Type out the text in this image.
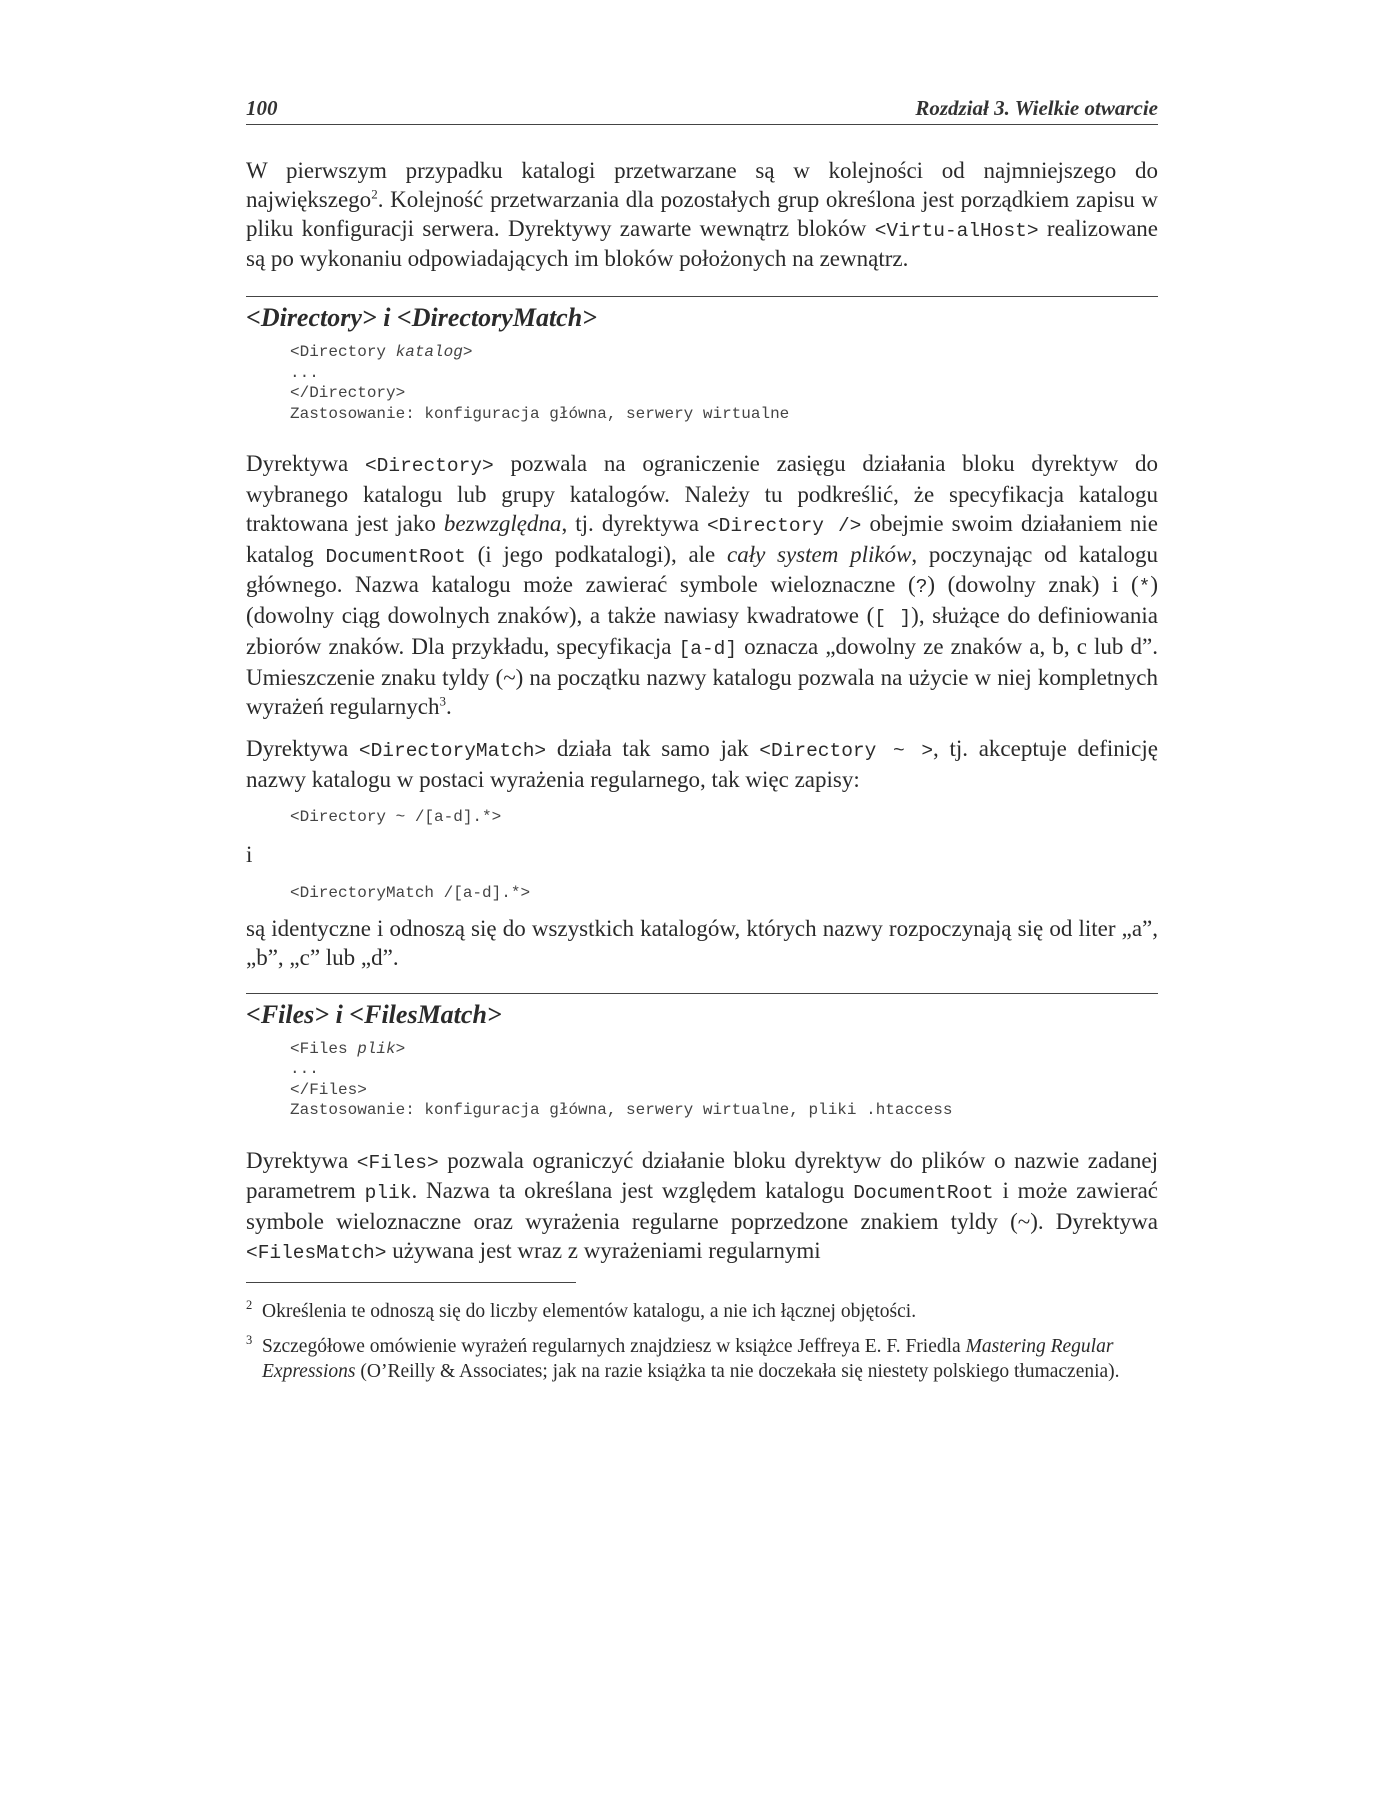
100	Rozdział 3. Wielkie otwarcie

W pierwszym przypadku katalogi przetwarzane są w kolejności od najmniejszego do największego$^2$. Kolejność przetwarzania dla pozostałych grup określona jest porządkiem zapisu w pliku konfiguracji serwera. Dyrektywy zawarte wewnątrz bloków <Virtu-alHost> realizowane są po wykonaniu odpowiadających im bloków położonych na zewnątrz.

<Directory> i <DirectoryMatch>
<Directory katalog>
...
</Directory>
Zastosowanie: konfiguracja główna, serwery wirtualne

Dyrektywa <Directory> pozwala na ograniczenie zasięgu działania bloku dyrektyw do wybranego katalogu lub grupy katalogów. Należy tu podkreślić, że specyfikacja katalogu traktowana jest jako bezwzględna, tj. dyrektywa <Directory /> obejmie swoim działaniem nie katalog DocumentRoot (i jego podkatalogi), ale cały system plików, poczynając od katalogu głównego. Nazwa katalogu może zawierać symbole wieloznaczne (?) (dowolny znak) i (*) (dowolny ciąg dowolnych znaków), a także nawiasy kwadratowe ([ ]), służące do definiowania zbiorów znaków. Dla przykładu, specyfikacja [a-d] oznacza „dowolny ze znaków a, b, c lub d”. Umieszczenie znaku tyldy (~) na początku nazwy katalogu pozwala na użycie w niej kompletnych wyrażeń regularnych$^3$.

Dyrektywa <DirectoryMatch> działa tak samo jak <Directory ~ >, tj. akceptuje definicję nazwy katalogu w postaci wyrażenia regularnego, tak więc zapisy:

<Directory ~ /[a-d].*>
i
<DirectoryMatch /[a-d].*>

są identyczne i odnoszą się do wszystkich katalogów, których nazwy rozpoczynają się od liter „a”, „b”, „c” lub „d”.

<Files> i <FilesMatch>
<Files plik>
...
</Files>
Zastosowanie: konfiguracja główna, serwery wirtualne, pliki .htaccess

Dyrektywa <Files> pozwala ograniczyć działanie bloku dyrektyw do plików o nazwie zadanej parametrem plik. Nazwa ta określana jest względem katalogu DocumentRoot i może zawierać symbole wieloznaczne oraz wyrażenia regularne poprzedzone znakiem tyldy (~). Dyrektywa <FilesMatch> używana jest wraz z wyrażeniami regularnymi

2 Określenia te odnoszą się do liczby elementów katalogu, a nie ich łącznej objętości.
3 Szczegółowe omówienie wyrażeń regularnych znajdziesz w książce Jeffreya E. F. Friedla Mastering Regular Expressions (O’Reilly & Associates; jak na razie książka ta nie doczekała się niestety polskiego tłumaczenia).
